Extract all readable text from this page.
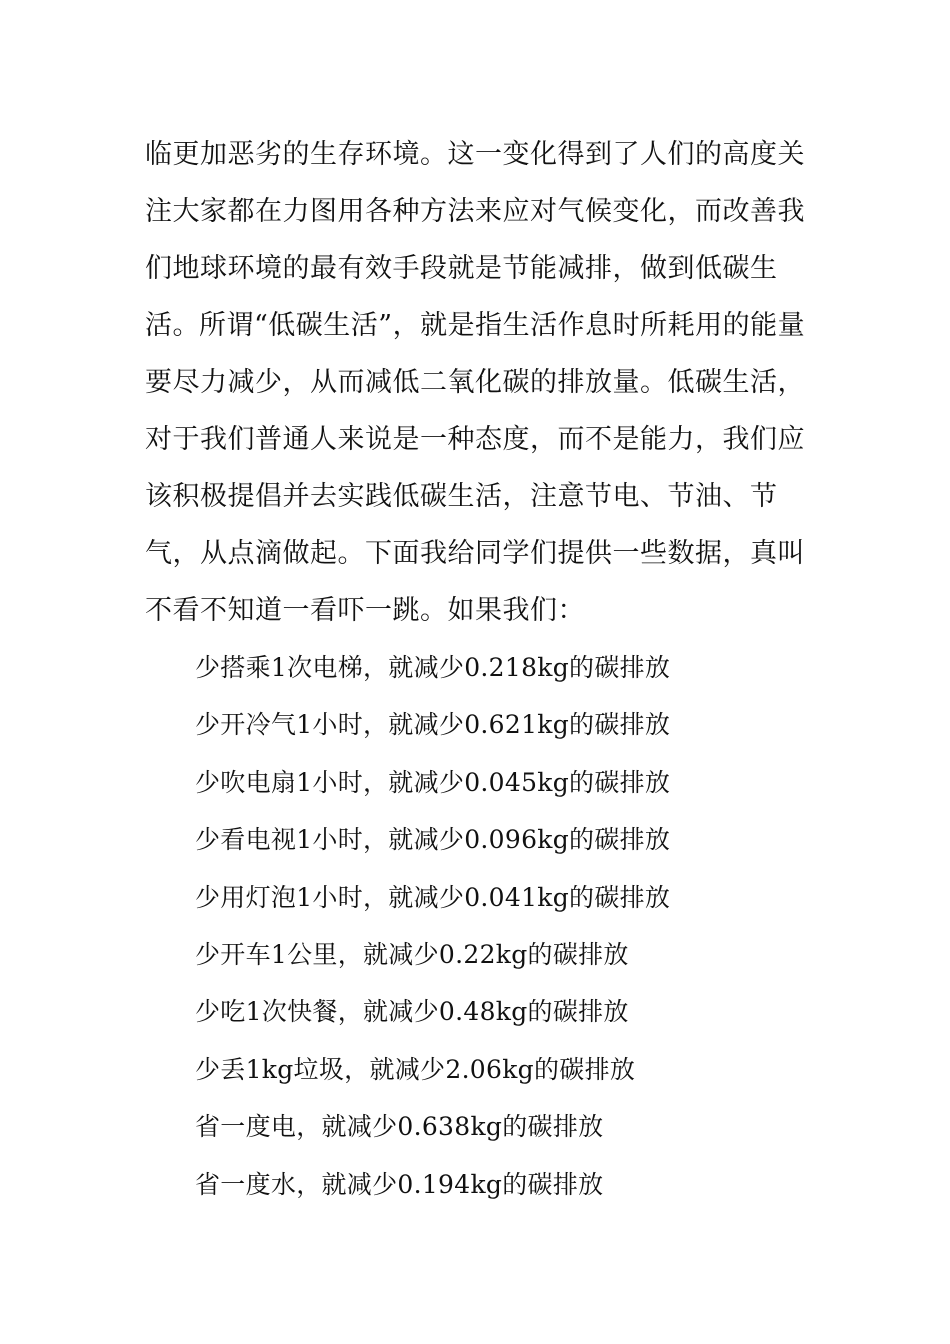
临更加恶劣的生存环境。这一变化得到了人们的高度关注大家都在力图用各种方法来应对气候变化，而改善我们地球环境的最有效手段就是节能减排，做到低碳生活。 所谓“低碳生活”，就是指生活作息时所耗用的能量要尽力减少，从而减低二氧化碳的排放量。低碳生活，对于我们普通人来说是一种态度，而不是能力，我们应该积极提倡并去实践低碳生活，注意节电、节油、节气，从点滴做起。下面我给同学们提供一些数据，真叫不看不知道一看吓一跳。如果我们：

少搭乘1次电梯，就减少0.218kg的碳排放
少开冷气1小时，就减少0.621kg的碳排放
少吹电扇1小时，就减少0.045kg的碳排放
少看电视1小时，就减少0.096kg的碳排放
少用灯泡1小时，就减少0.041kg的碳排放
少开车1公里，就减少0.22kg的碳排放
少吃1次快餐，就减少0.48kg的碳排放
少丢1kg垃圾，就减少2.06kg的碳排放
省一度电，就减少0.638kg的碳排放
省一度水，就减少0.194kg的碳排放
